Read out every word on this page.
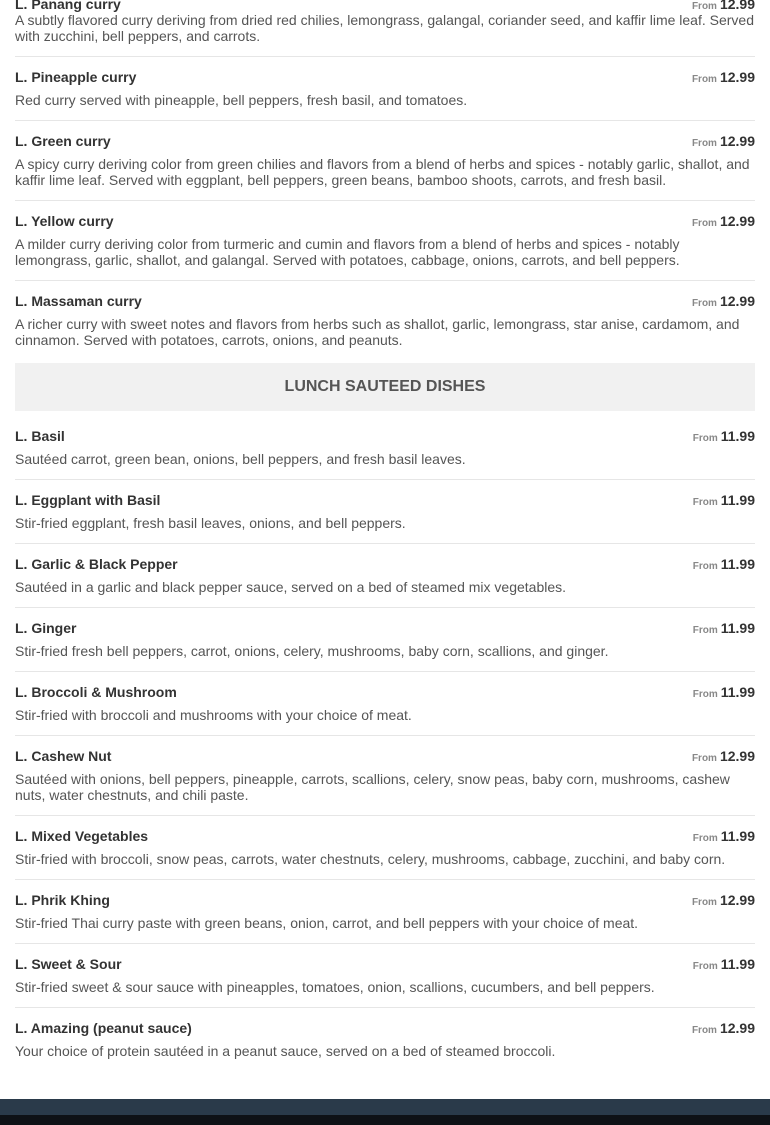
L. Panang curry	From 12.99
A subtly flavored curry deriving from dried red chilies, lemongrass, galangal, coriander seed, and kaffir lime leaf. Served with zucchini, bell peppers, and carrots.
L. Pineapple curry	From 12.99
Red curry served with pineapple, bell peppers, fresh basil, and tomatoes.
L. Green curry	From 12.99
A spicy curry deriving color from green chilies and flavors from a blend of herbs and spices - notably garlic, shallot, and kaffir lime leaf. Served with eggplant, bell peppers, green beans, bamboo shoots, carrots, and fresh basil.
L. Yellow curry	From 12.99
A milder curry deriving color from turmeric and cumin and flavors from a blend of herbs and spices - notably lemongrass, garlic, shallot, and galangal. Served with potatoes, cabbage, onions, carrots, and bell peppers.
L. Massaman curry	From 12.99
A richer curry with sweet notes and flavors from herbs such as shallot, garlic, lemongrass, star anise, cardamom, and cinnamon. Served with potatoes, carrots, onions, and peanuts.
LUNCH SAUTEED DISHES
L. Basil	From 11.99
Sautéed carrot, green bean, onions, bell peppers, and fresh basil leaves.
L. Eggplant with Basil	From 11.99
Stir-fried eggplant, fresh basil leaves, onions, and bell peppers.
L. Garlic & Black Pepper	From 11.99
Sautéed in a garlic and black pepper sauce, served on a bed of steamed mix vegetables.
L. Ginger	From 11.99
Stir-fried fresh bell peppers, carrot, onions, celery, mushrooms, baby corn, scallions, and ginger.
L. Broccoli & Mushroom	From 11.99
Stir-fried with broccoli and mushrooms with your choice of meat.
L. Cashew Nut	From 12.99
Sautéed with onions, bell peppers, pineapple, carrots, scallions, celery, snow peas, baby corn, mushrooms, cashew nuts, water chestnuts, and chili paste.
L. Mixed Vegetables	From 11.99
Stir-fried with broccoli, snow peas, carrots, water chestnuts, celery, mushrooms, cabbage, zucchini, and baby corn.
L. Phrik Khing	From 12.99
Stir-fried Thai curry paste with green beans, onion, carrot, and bell peppers with your choice of meat.
L. Sweet & Sour	From 11.99
Stir-fried sweet & sour sauce with pineapples, tomatoes, onion, scallions, cucumbers, and bell peppers.
L. Amazing (peanut sauce)	From 12.99
Your choice of protein sautéed in a peanut sauce, served on a bed of steamed broccoli.
